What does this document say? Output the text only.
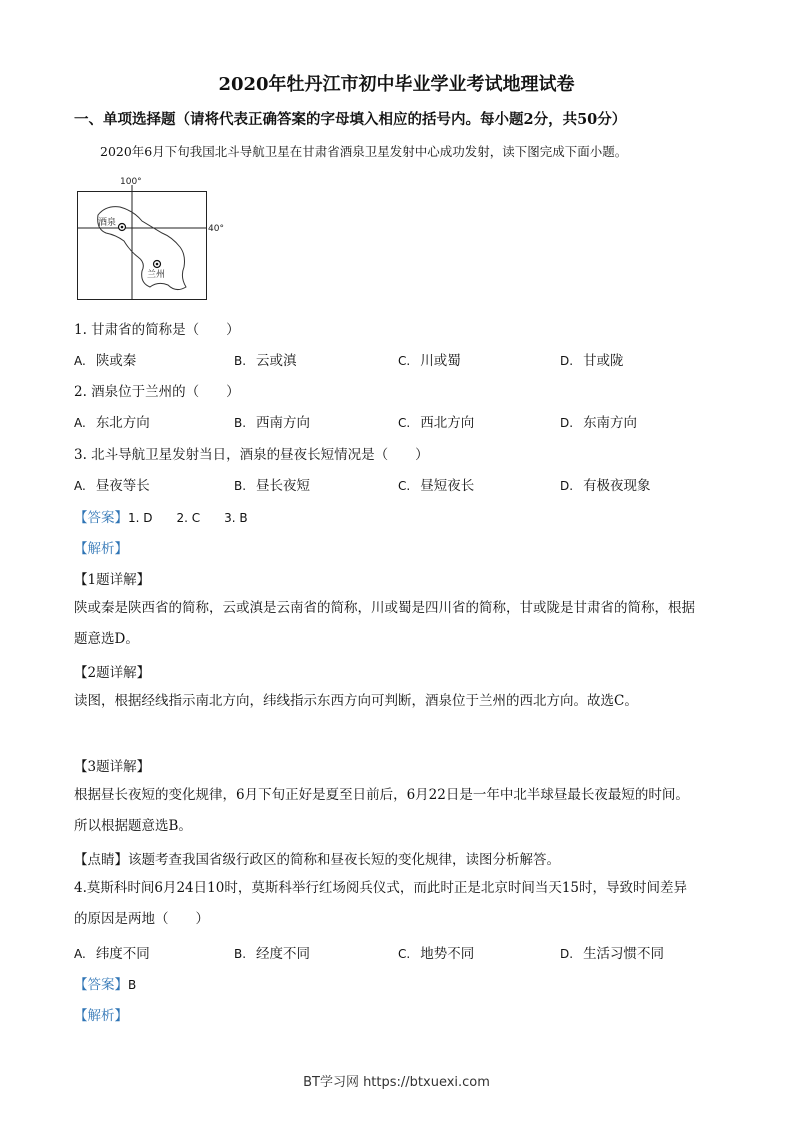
2020年牡丹江市初中毕业学业考试地理试卷
一、单项选择题（请将代表正确答案的字母填入相应的括号内。每小题2分，共50分）
2020年6月下旬我国北斗导航卫星在甘肃省酒泉卫星发射中心成功发射，读下图完成下面小题。
100°
40°
酒泉
兰州
1. 甘肃省的简称是（　　）
A. 陕或秦	B. 云或滇	C. 川或蜀	D. 甘或陇
2. 酒泉位于兰州的（　　）
A. 东北方向	B. 西南方向	C. 西北方向	D. 东南方向
3. 北斗导航卫星发射当日，酒泉的昼夜长短情况是（　　）
A. 昼夜等长	B. 昼长夜短	C. 昼短夜长	D. 有极夜现象
【答案】1. D　　2. C　　3. B
【解析】
【1题详解】
陕或秦是陕西省的简称，云或滇是云南省的简称，川或蜀是四川省的简称，甘或陇是甘肃省的简称，根据
题意选D。
【2题详解】
读图，根据经线指示南北方向，纬线指示东西方向可判断，酒泉位于兰州的西北方向。故选C。
【3题详解】
根据昼长夜短的变化规律，6月下旬正好是夏至日前后，6月22日是一年中北半球昼最长夜最短的时间。
所以根据题意选B。
【点睛】该题考查我国省级行政区的简称和昼夜长短的变化规律，读图分析解答。
4.莫斯科时间6月24日10时，莫斯科举行红场阅兵仪式，而此时正是北京时间当天15时，导致时间差异
的原因是两地（　　）
A. 纬度不同	B. 经度不同	C. 地势不同	D. 生活习惯不同
【答案】B
【解析】
BT学习网 https://btxuexi.com
